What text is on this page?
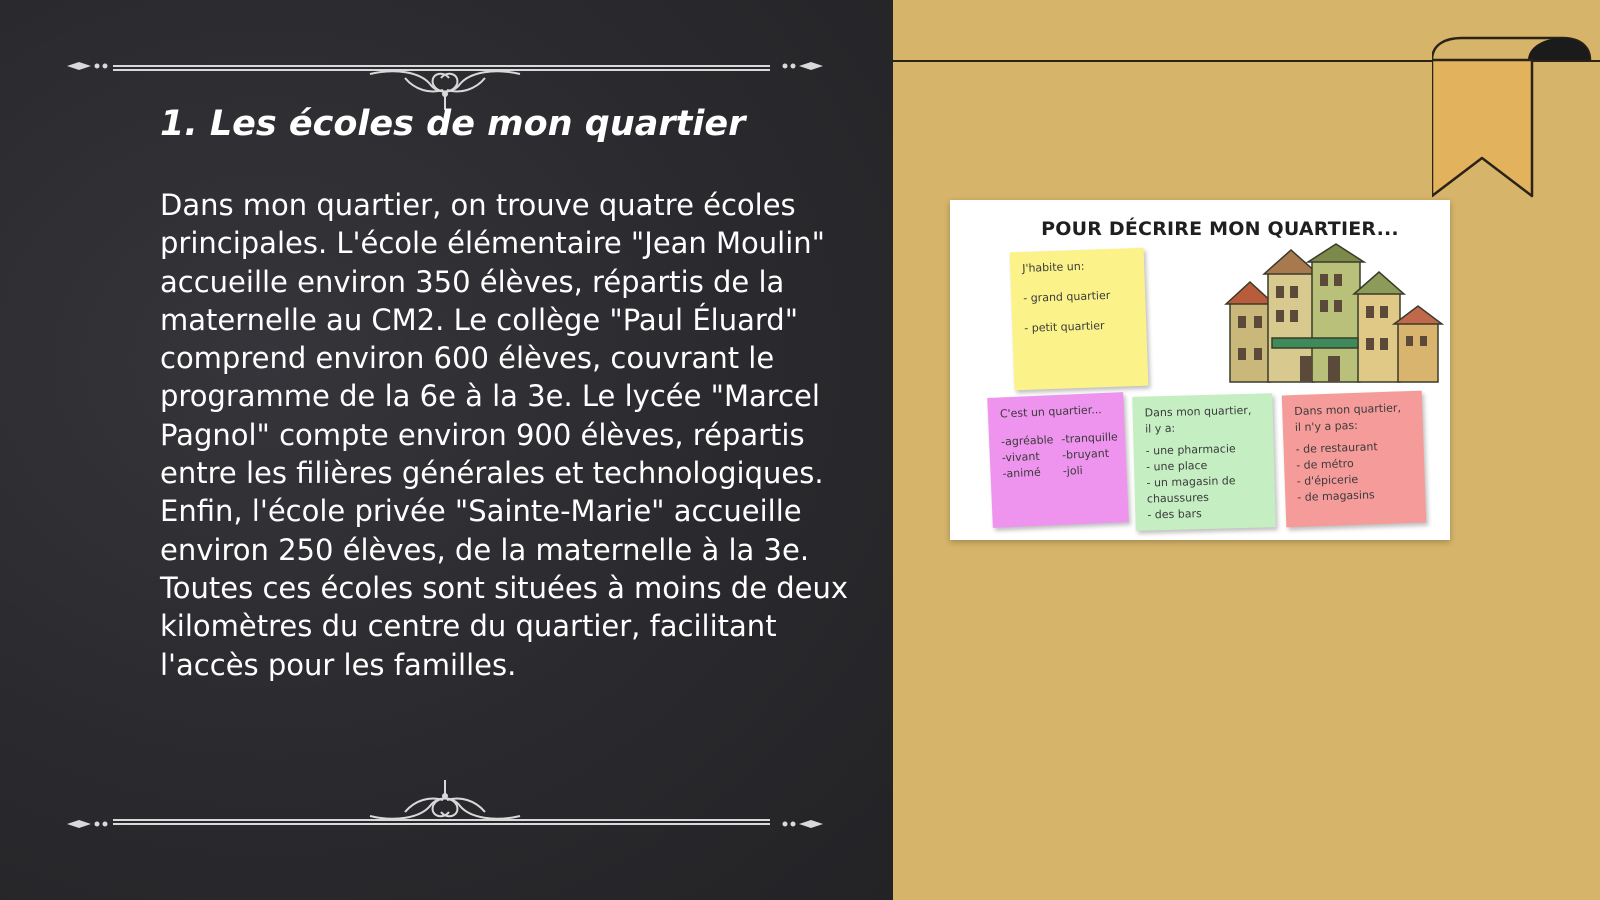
1. Les écoles de mon quartier

Dans mon quartier, on trouve quatre écoles principales. L'école élémentaire "Jean Moulin" accueille environ 350 élèves, répartis de la maternelle au CM2. Le collège "Paul Éluard" comprend environ 600 élèves, couvrant le programme de la 6e à la 3e. Le lycée "Marcel Pagnol" compte environ 900 élèves, répartis entre les filières générales et technologiques. Enfin, l'école privée "Sainte-Marie" accueille environ 250 élèves, de la maternelle à la 3e. Toutes ces écoles sont situées à moins de deux kilomètres du centre du quartier, facilitant l'accès pour les familles.

POUR DÉCRIRE MON QUARTIER...
J'habite un:
- grand quartier
- petit quartier
C'est un quartier...
-agréable
-vivant
-animé
-tranquille
-bruyant
-joli
Dans mon quartier,
il y a:
- une pharmacie
- une place
- un magasin de
chaussures
- des bars
Dans mon quartier,
il n'y a pas:
- de restaurant
- de métro
- d'épicerie
- de magasins
